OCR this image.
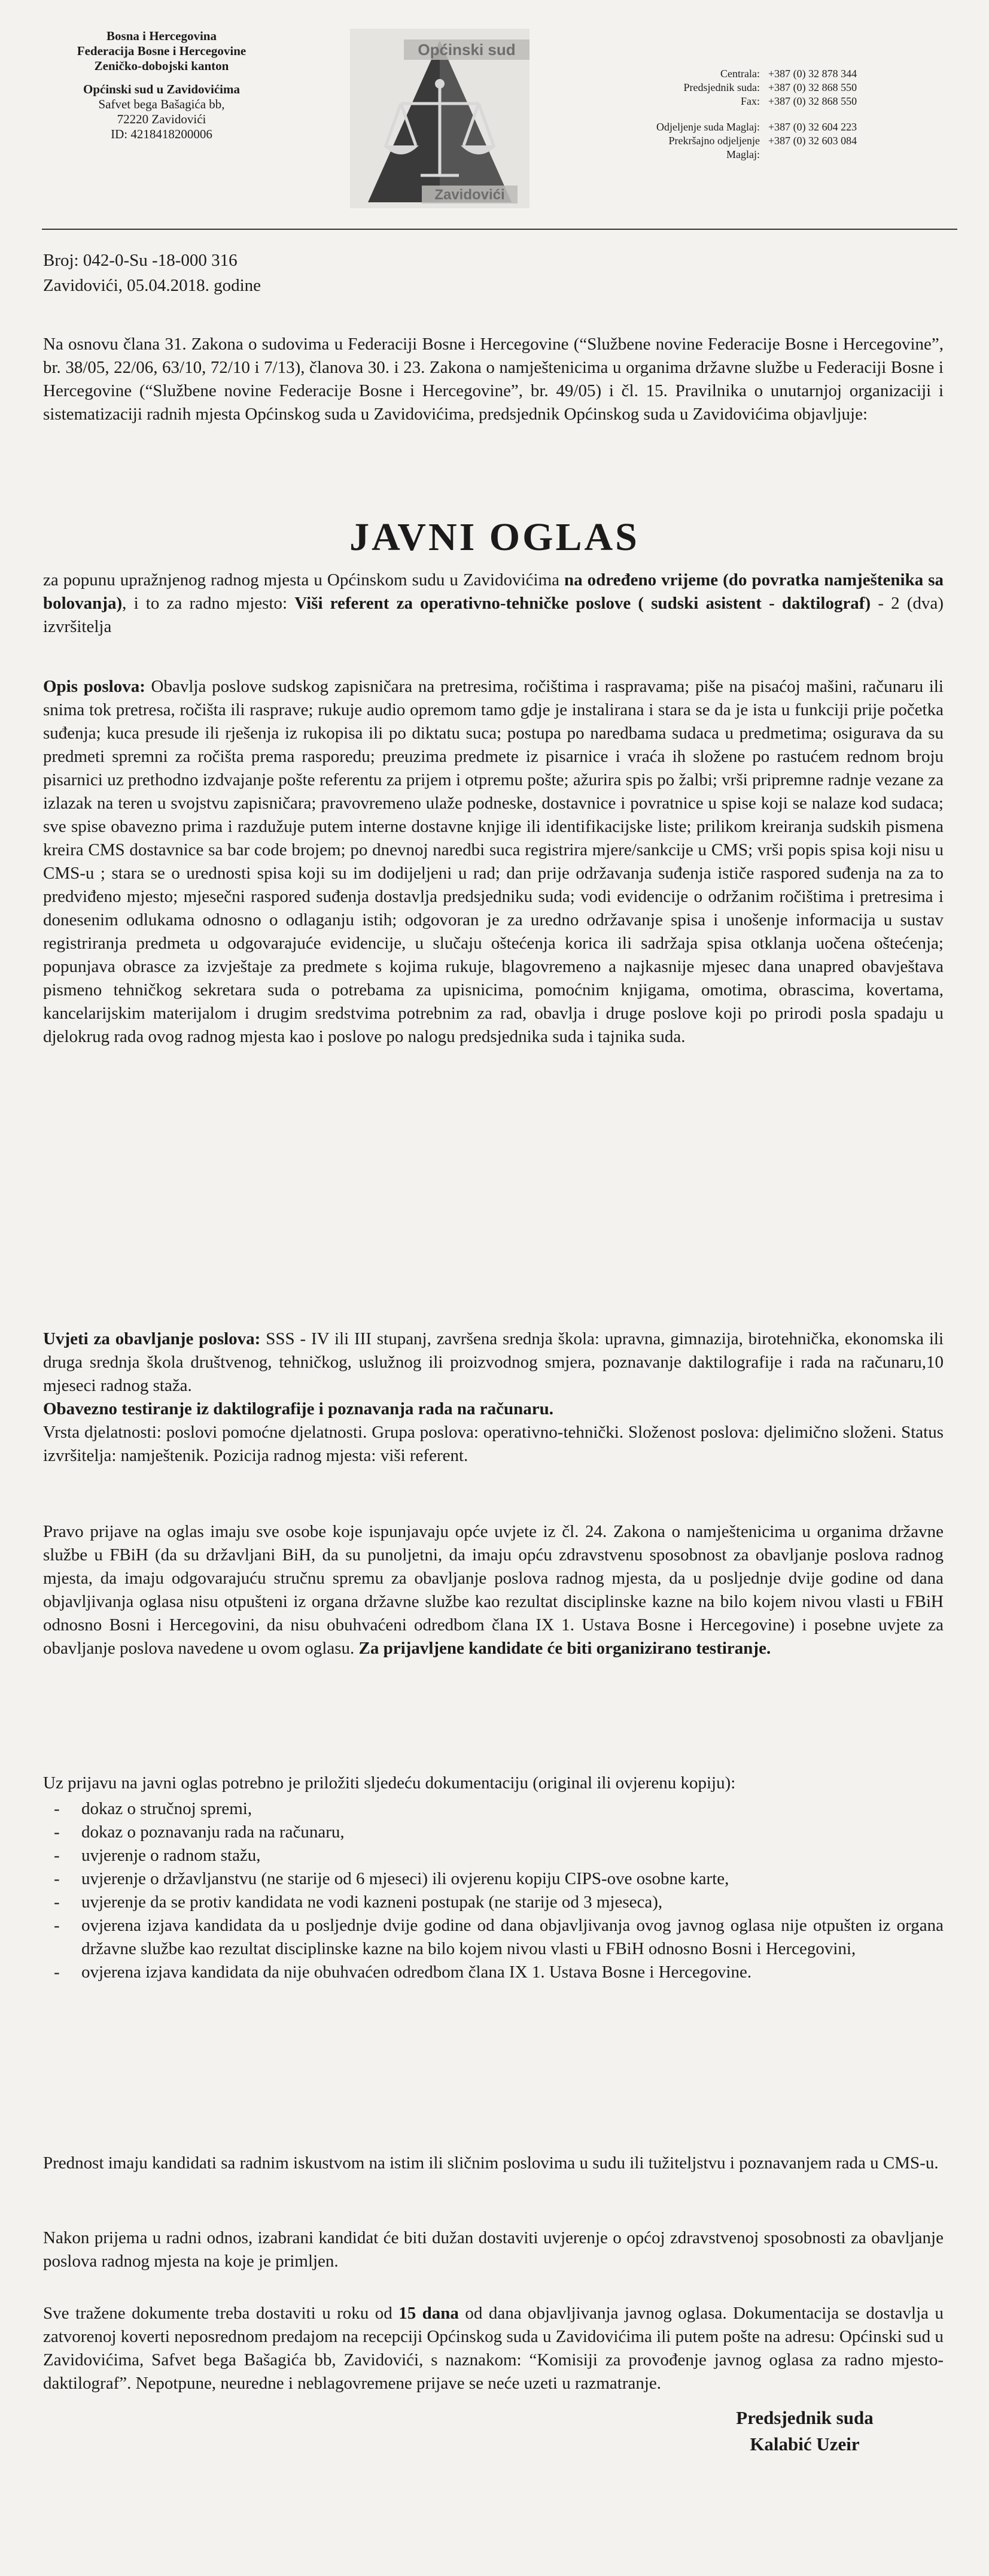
Bosna i Hercegovina
Federacija Bosne i Hercegovine
Zeničko-dobojski kanton
Općinski sud u Zavidovićima
Safvet bega Bašagića bb,
72220 Zavidovići
ID: 4218418200006
Općinski sud
Zavidovići
Centrala: +387 (0) 32 878 344
Predsjednik suda: +387 (0) 32 868 550
Fax: +387 (0) 32 868 550
Odjeljenje suda Maglaj: +387 (0) 32 604 223
Prekršajno odjeljenje Maglaj:
+387 (0) 32 603 084
Broj: 042-0-Su -18-000 316
Zavidovići, 05.04.2018. godine
Na osnovu člana 31. Zakona o sudovima u Federaciji Bosne i Hercegovine (“Službene novine Federacije Bosne i Hercegovine”, br. 38/05, 22/06, 63/10, 72/10 i 7/13), članova 30. i 23. Zakona o namještenicima u organima državne službe u Federaciji Bosne i Hercegovine (“Službene novine Federacije Bosne i Hercegovine”, br. 49/05) i čl. 15. Pravilnika o unutarnjoj organizaciji i sistematizaciji radnih mjesta Općinskog suda u Zavidovićima, predsjednik Općinskog suda u Zavidovićima objavljuje:
JAVNI OGLAS
za popunu upražnjenog radnog mjesta u Općinskom sudu u Zavidovićima na određeno vrijeme (do povratka namještenika sa bolovanja), i to za radno mjesto: Viši referent za operativno-tehničke poslove ( sudski asistent - daktilograf) - 2 (dva) izvršitelja
Opis poslova: Obavlja poslove sudskog zapisničara na pretresima, ročištima i raspravama; piše na pisaćoj mašini, računaru ili snima tok pretresa, ročišta ili rasprave; rukuje audio opremom tamo gdje je instalirana i stara se da je ista u funkciji prije početka suđenja; kuca presude ili rješenja iz rukopisa ili po diktatu suca; postupa po naredbama sudaca u predmetima; osigurava da su predmeti spremni za ročišta prema rasporedu; preuzima predmete iz pisarnice i vraća ih složene po rastućem rednom broju pisarnici uz prethodno izdvajanje pošte referentu za prijem i otpremu pošte; ažurira spis po žalbi; vrši pripremne radnje vezane za izlazak na teren u svojstvu zapisničara; pravovremeno ulaže podneske, dostavnice i povratnice u spise koji se nalaze kod sudaca; sve spise obavezno prima i razdužuje putem interne dostavne knjige ili identifikacijske liste; prilikom kreiranja sudskih pismena kreira CMS dostavnice sa bar code brojem; po dnevnoj naredbi suca registrira mjere/sankcije u CMS; vrši popis spisa koji nisu u CMS-u ; stara se o urednosti spisa koji su im dodijeljeni u rad; dan prije održavanja suđenja ističe raspored suđenja na za to predviđeno mjesto; mjesečni raspored suđenja dostavlja predsjedniku suda; vodi evidencije o održanim ročištima i pretresima i donesenim odlukama odnosno o odlaganju istih; odgovoran je za uredno održavanje spisa i unošenje informacija u sustav registriranja predmeta u odgovarajuće evidencije, u slučaju oštećenja korica ili sadržaja spisa otklanja uočena oštećenja; popunjava obrasce za izvještaje za predmete s kojima rukuje, blagovremeno a najkasnije mjesec dana unapred obavještava pismeno tehničkog sekretara suda o potrebama za upisnicima, pomoćnim knjigama, omotima, obrascima, kovertama, kancelarijskim materijalom i drugim sredstvima potrebnim za rad, obavlja i druge poslove koji po prirodi posla spadaju u djelokrug rada ovog radnog mjesta kao i poslove po nalogu predsjednika suda i tajnika suda.
Uvjeti za obavljanje poslova: SSS - IV ili III stupanj, završena srednja škola: upravna, gimnazija, birotehnička, ekonomska ili druga srednja škola društvenog, tehničkog, uslužnog ili proizvodnog smjera, poznavanje daktilografije i rada na računaru,10 mjeseci radnog staža.
Obavezno testiranje iz daktilografije i poznavanja rada na računaru.
Vrsta djelatnosti: poslovi pomoćne djelatnosti. Grupa poslova: operativno-tehnički. Složenost poslova: djelimično složeni. Status izvršitelja: namještenik. Pozicija radnog mjesta: viši referent.
Pravo prijave na oglas imaju sve osobe koje ispunjavaju opće uvjete iz čl. 24. Zakona o namještenicima u organima državne službe u FBiH (da su državljani BiH, da su punoljetni, da imaju opću zdravstvenu sposobnost za obavljanje poslova radnog mjesta, da imaju odgovarajuću stručnu spremu za obavljanje poslova radnog mjesta, da u posljednje dvije godine od dana objavljivanja oglasa nisu otpušteni iz organa državne službe kao rezultat disciplinske kazne na bilo kojem nivou vlasti u FBiH odnosno Bosni i Hercegovini, da nisu obuhvaćeni odredbom člana IX 1. Ustava Bosne i Hercegovine) i posebne uvjete za obavljanje poslova navedene u ovom oglasu. Za prijavljene kandidate će biti organizirano testiranje.
Uz prijavu na javni oglas potrebno je priložiti sljedeću dokumentaciju (original ili ovjerenu kopiju):
- dokaz o stručnoj spremi,
- dokaz o poznavanju rada na računaru,
- uvjerenje o radnom stažu,
- uvjerenje o državljanstvu (ne starije od 6 mjeseci) ili ovjerenu kopiju CIPS-ove osobne karte,
- uvjerenje da se protiv kandidata ne vodi kazneni postupak (ne starije od 3 mjeseca),
- ovjerena izjava kandidata da u posljednje dvije godine od dana objavljivanja ovog javnog oglasa nije otpušten iz organa državne službe kao rezultat disciplinske kazne na bilo kojem nivou vlasti u FBiH odnosno Bosni i Hercegovini,
- ovjerena izjava kandidata da nije obuhvaćen odredbom člana IX 1. Ustava Bosne i Hercegovine.
Prednost imaju kandidati sa radnim iskustvom na istim ili sličnim poslovima u sudu ili tužiteljstvu i poznavanjem rada u CMS-u.
Nakon prijema u radni odnos, izabrani kandidat će biti dužan dostaviti uvjerenje o općoj zdravstvenoj sposobnosti za obavljanje poslova radnog mjesta na koje je primljen.
Sve tražene dokumente treba dostaviti u roku od 15 dana od dana objavljivanja javnog oglasa. Dokumentacija se dostavlja u zatvorenoj koverti neposrednom predajom na recepciji Općinskog suda u Zavidovićima ili putem pošte na adresu: Općinski sud u Zavidovićima, Safvet bega Bašagića bb, Zavidovići, s naznakom: “Komisiji za provođenje javnog oglasa za radno mjesto-daktilograf”. Nepotpune, neuredne i neblagovremene prijave se neće uzeti u razmatranje.
Predsjednik suda
Kalabić Uzeir
